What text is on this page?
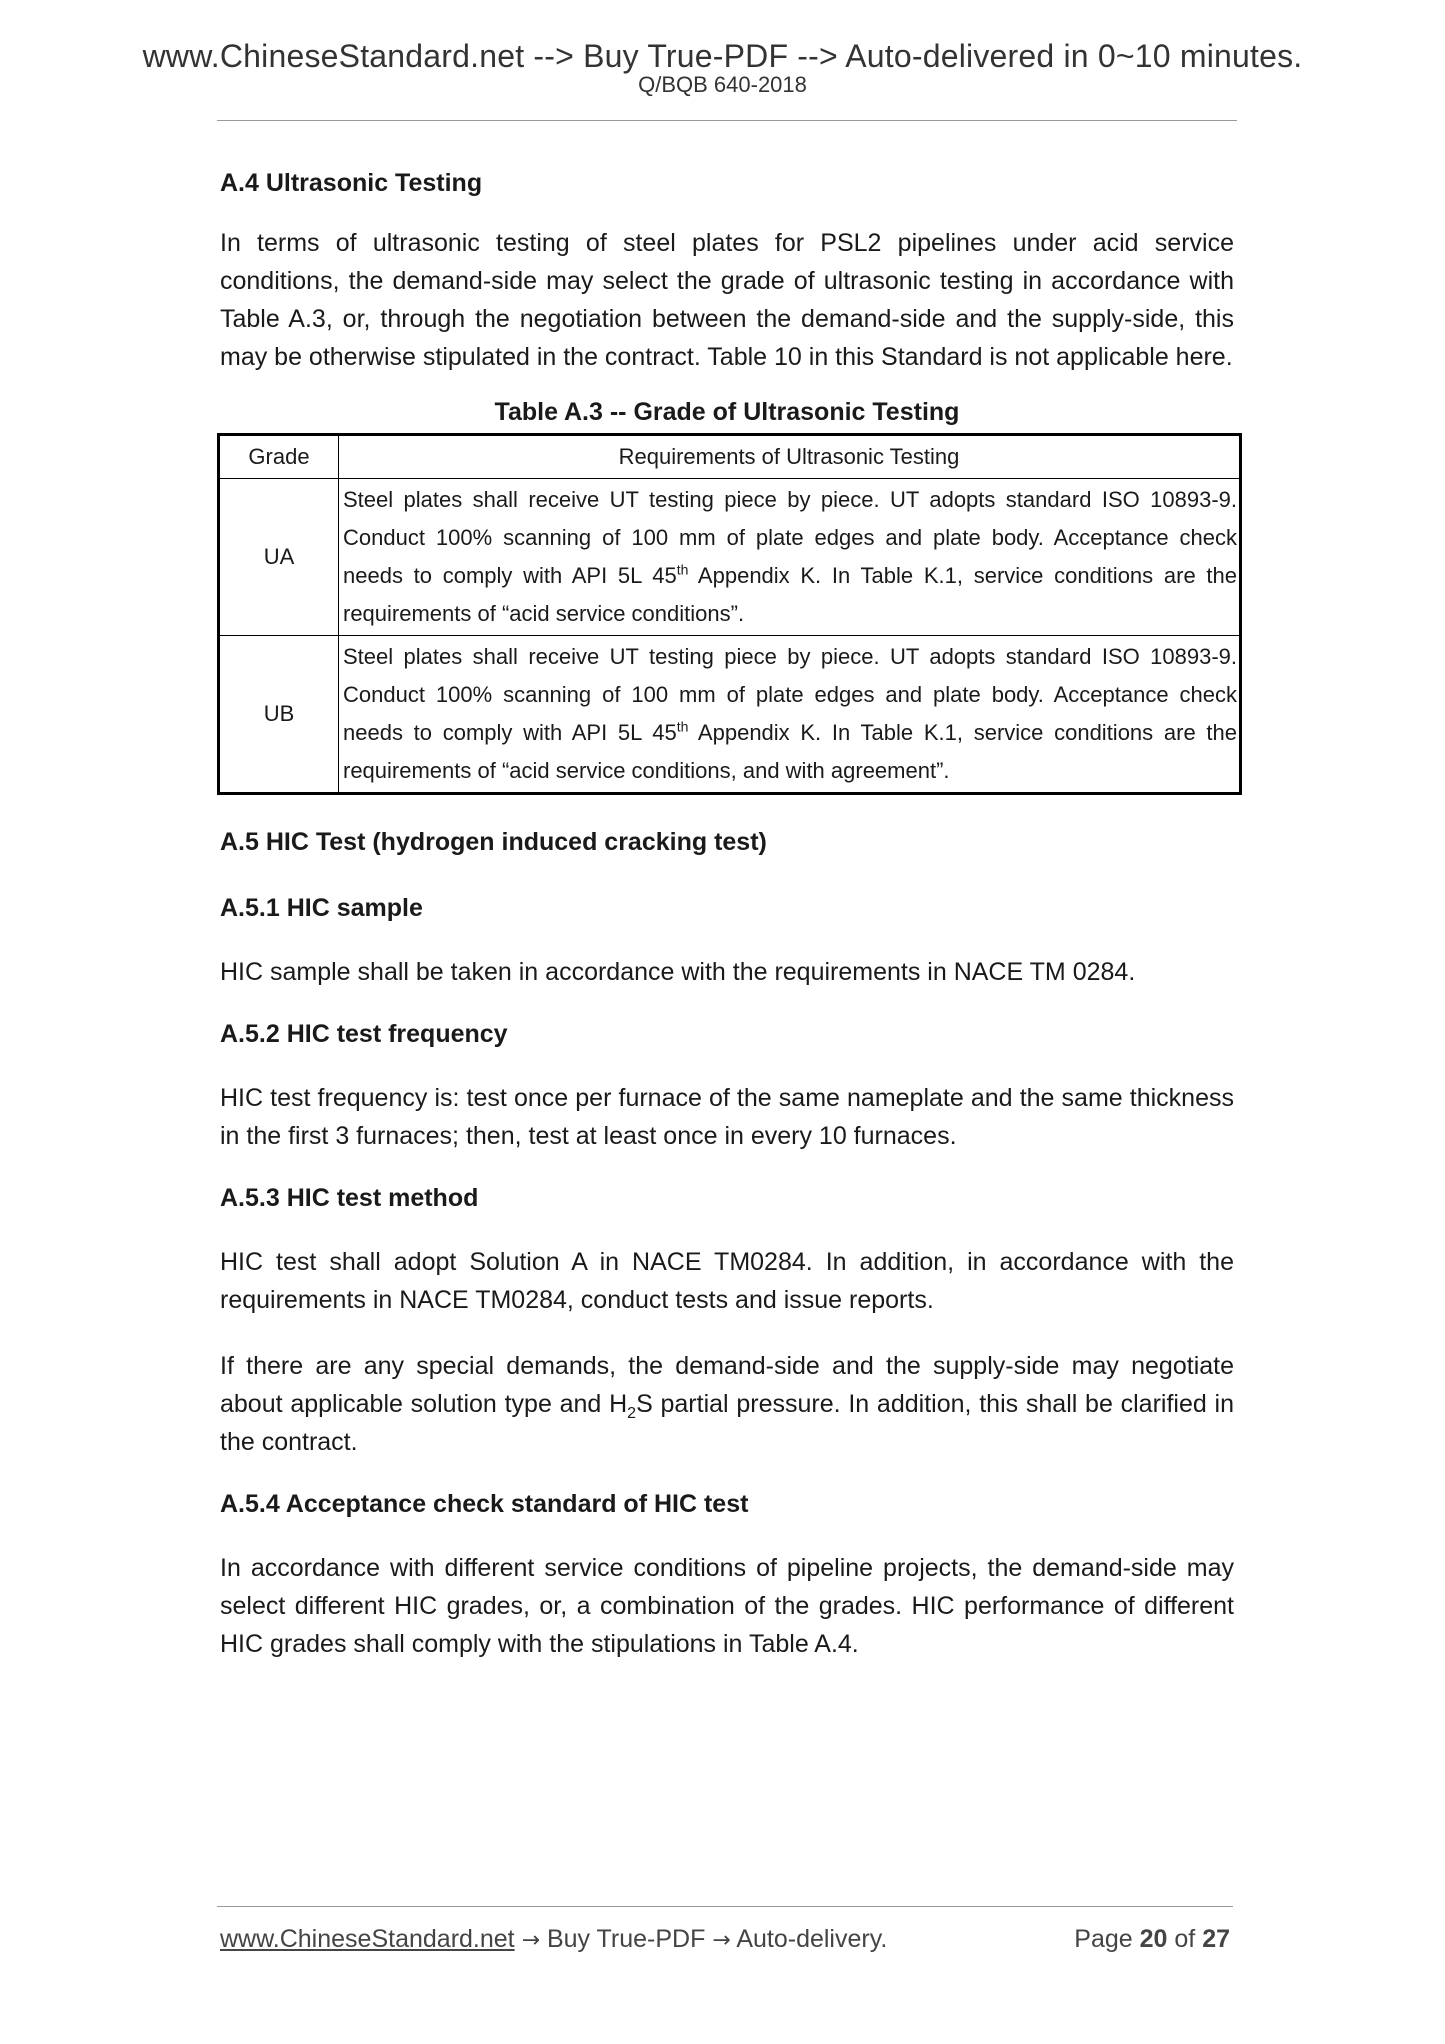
www.ChineseStandard.net --> Buy True-PDF --> Auto-delivered in 0~10 minutes.
Q/BQB 640-2018
A.4 Ultrasonic Testing

In terms of ultrasonic testing of steel plates for PSL2 pipelines under acid service conditions, the demand-side may select the grade of ultrasonic testing in accordance with Table A.3, or, through the negotiation between the demand-side and the supply-side, this may be otherwise stipulated in the contract. Table 10 in this Standard is not applicable here.

Table A.3 -- Grade of Ultrasonic Testing
Grade	Requirements of Ultrasonic Testing
UA	Steel plates shall receive UT testing piece by piece. UT adopts standard ISO 10893-9. Conduct 100% scanning of 100 mm of plate edges and plate body. Acceptance check needs to comply with API 5L 45th Appendix K. In Table K.1, service conditions are the requirements of “acid service conditions”.
UB	Steel plates shall receive UT testing piece by piece. UT adopts standard ISO 10893-9. Conduct 100% scanning of 100 mm of plate edges and plate body. Acceptance check needs to comply with API 5L 45th Appendix K. In Table K.1, service conditions are the requirements of “acid service conditions, and with agreement”.
A.5 HIC Test (hydrogen induced cracking test)
A.5.1 HIC sample

HIC sample shall be taken in accordance with the requirements in NACE TM 0284.

A.5.2 HIC test frequency

HIC test frequency is: test once per furnace of the same nameplate and the same thickness in the first 3 furnaces; then, test at least once in every 10 furnaces.

A.5.3 HIC test method

HIC test shall adopt Solution A in NACE TM0284. In addition, in accordance with the requirements in NACE TM0284, conduct tests and issue reports.

If there are any special demands, the demand-side and the supply-side may negotiate about applicable solution type and $H_2S$ partial pressure. In addition, this shall be clarified in the contract.

A.5.4 Acceptance check standard of HIC test

In accordance with different service conditions of pipeline projects, the demand-side may select different HIC grades, or, a combination of the grades. HIC performance of different HIC grades shall comply with the stipulations in Table A.4.

www.ChineseStandard.net → Buy True-PDF → Auto-delivery.	Page 20 of 27
